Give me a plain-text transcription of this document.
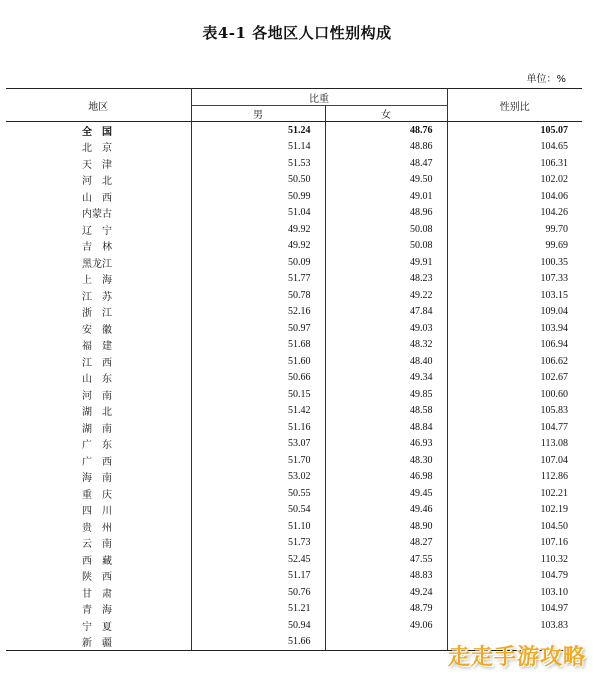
表4-1 各地区人口性别构成
单位：%
地区	比重		性别比
	男	女	
全　国	51.24	48.76	105.07
北　京	51.14	48.86	104.65
天　津	51.53	48.47	106.31
河　北	50.50	49.50	102.02
山　西	50.99	49.01	104.06
内蒙古	51.04	48.96	104.26
辽　宁	49.92	50.08	99.70
吉　林	49.92	50.08	99.69
黑龙江	50.09	49.91	100.35
上　海	51.77	48.23	107.33
江　苏	50.78	49.22	103.15
浙　江	52.16	47.84	109.04
安　徽	50.97	49.03	103.94
福　建	51.68	48.32	106.94
江　西	51.60	48.40	106.62
山　东	50.66	49.34	102.67
河　南	50.15	49.85	100.60
湖　北	51.42	48.58	105.83
湖　南	51.16	48.84	104.77
广　东	53.07	46.93	113.08
广　西	51.70	48.30	107.04
海　南	53.02	46.98	112.86
重　庆	50.55	49.45	102.21
四　川	50.54	49.46	102.19
贵　州	51.10	48.90	104.50
云　南	51.73	48.27	107.16
西　藏	52.45	47.55	110.32
陕　西	51.17	48.83	104.79
甘　肃	50.76	49.24	103.10
青　海	51.21	48.79	104.97
宁　夏	50.94	49.06	103.83
新　疆	51.66		
走走手游攻略
